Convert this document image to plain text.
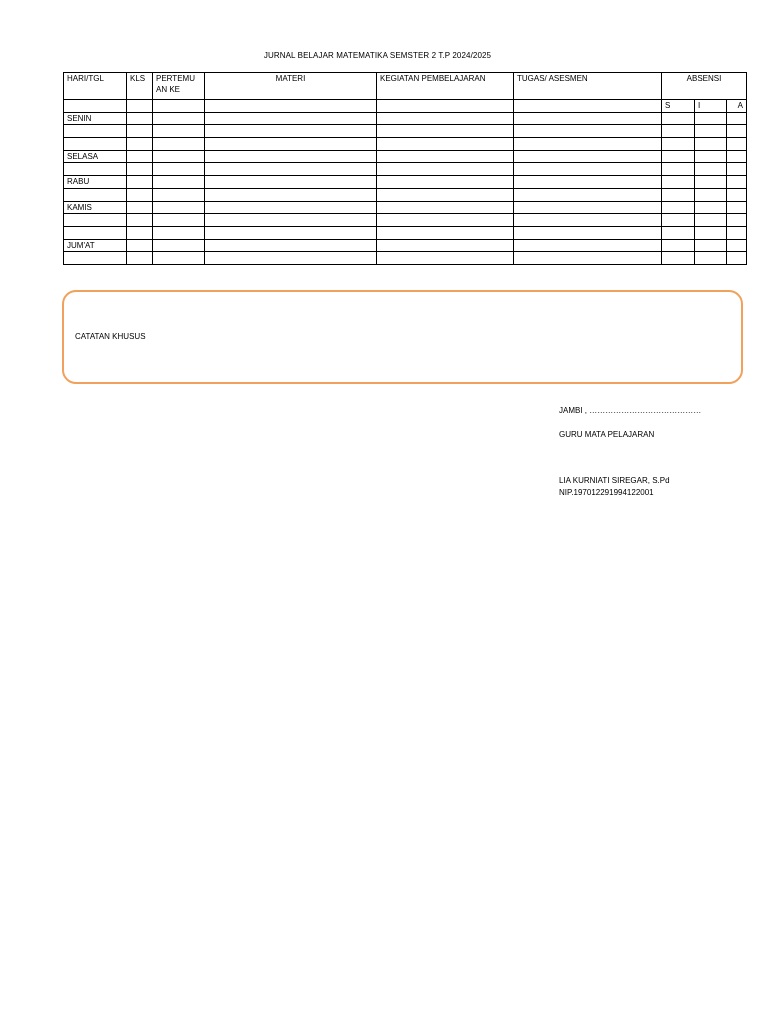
JURNAL BELAJAR MATEMATIKA SEMSTER 2 T.P 2024/2025
HARI/TGL	KLS	PERTEMU AN KE	MATERI	KEGIATAN PEMBELAJARAN	TUGAS/ ASESMEN	ABSENSI		
						S	I	A
SENIN								

SELASA								

RABU								

KAMIS								

JUM'AT								

CATATAN KHUSUS
JAMBI , ……………………………………
GURU MATA PELAJARAN
LIA KURNIATI SIREGAR, S.Pd
NIP.197012291994122001
